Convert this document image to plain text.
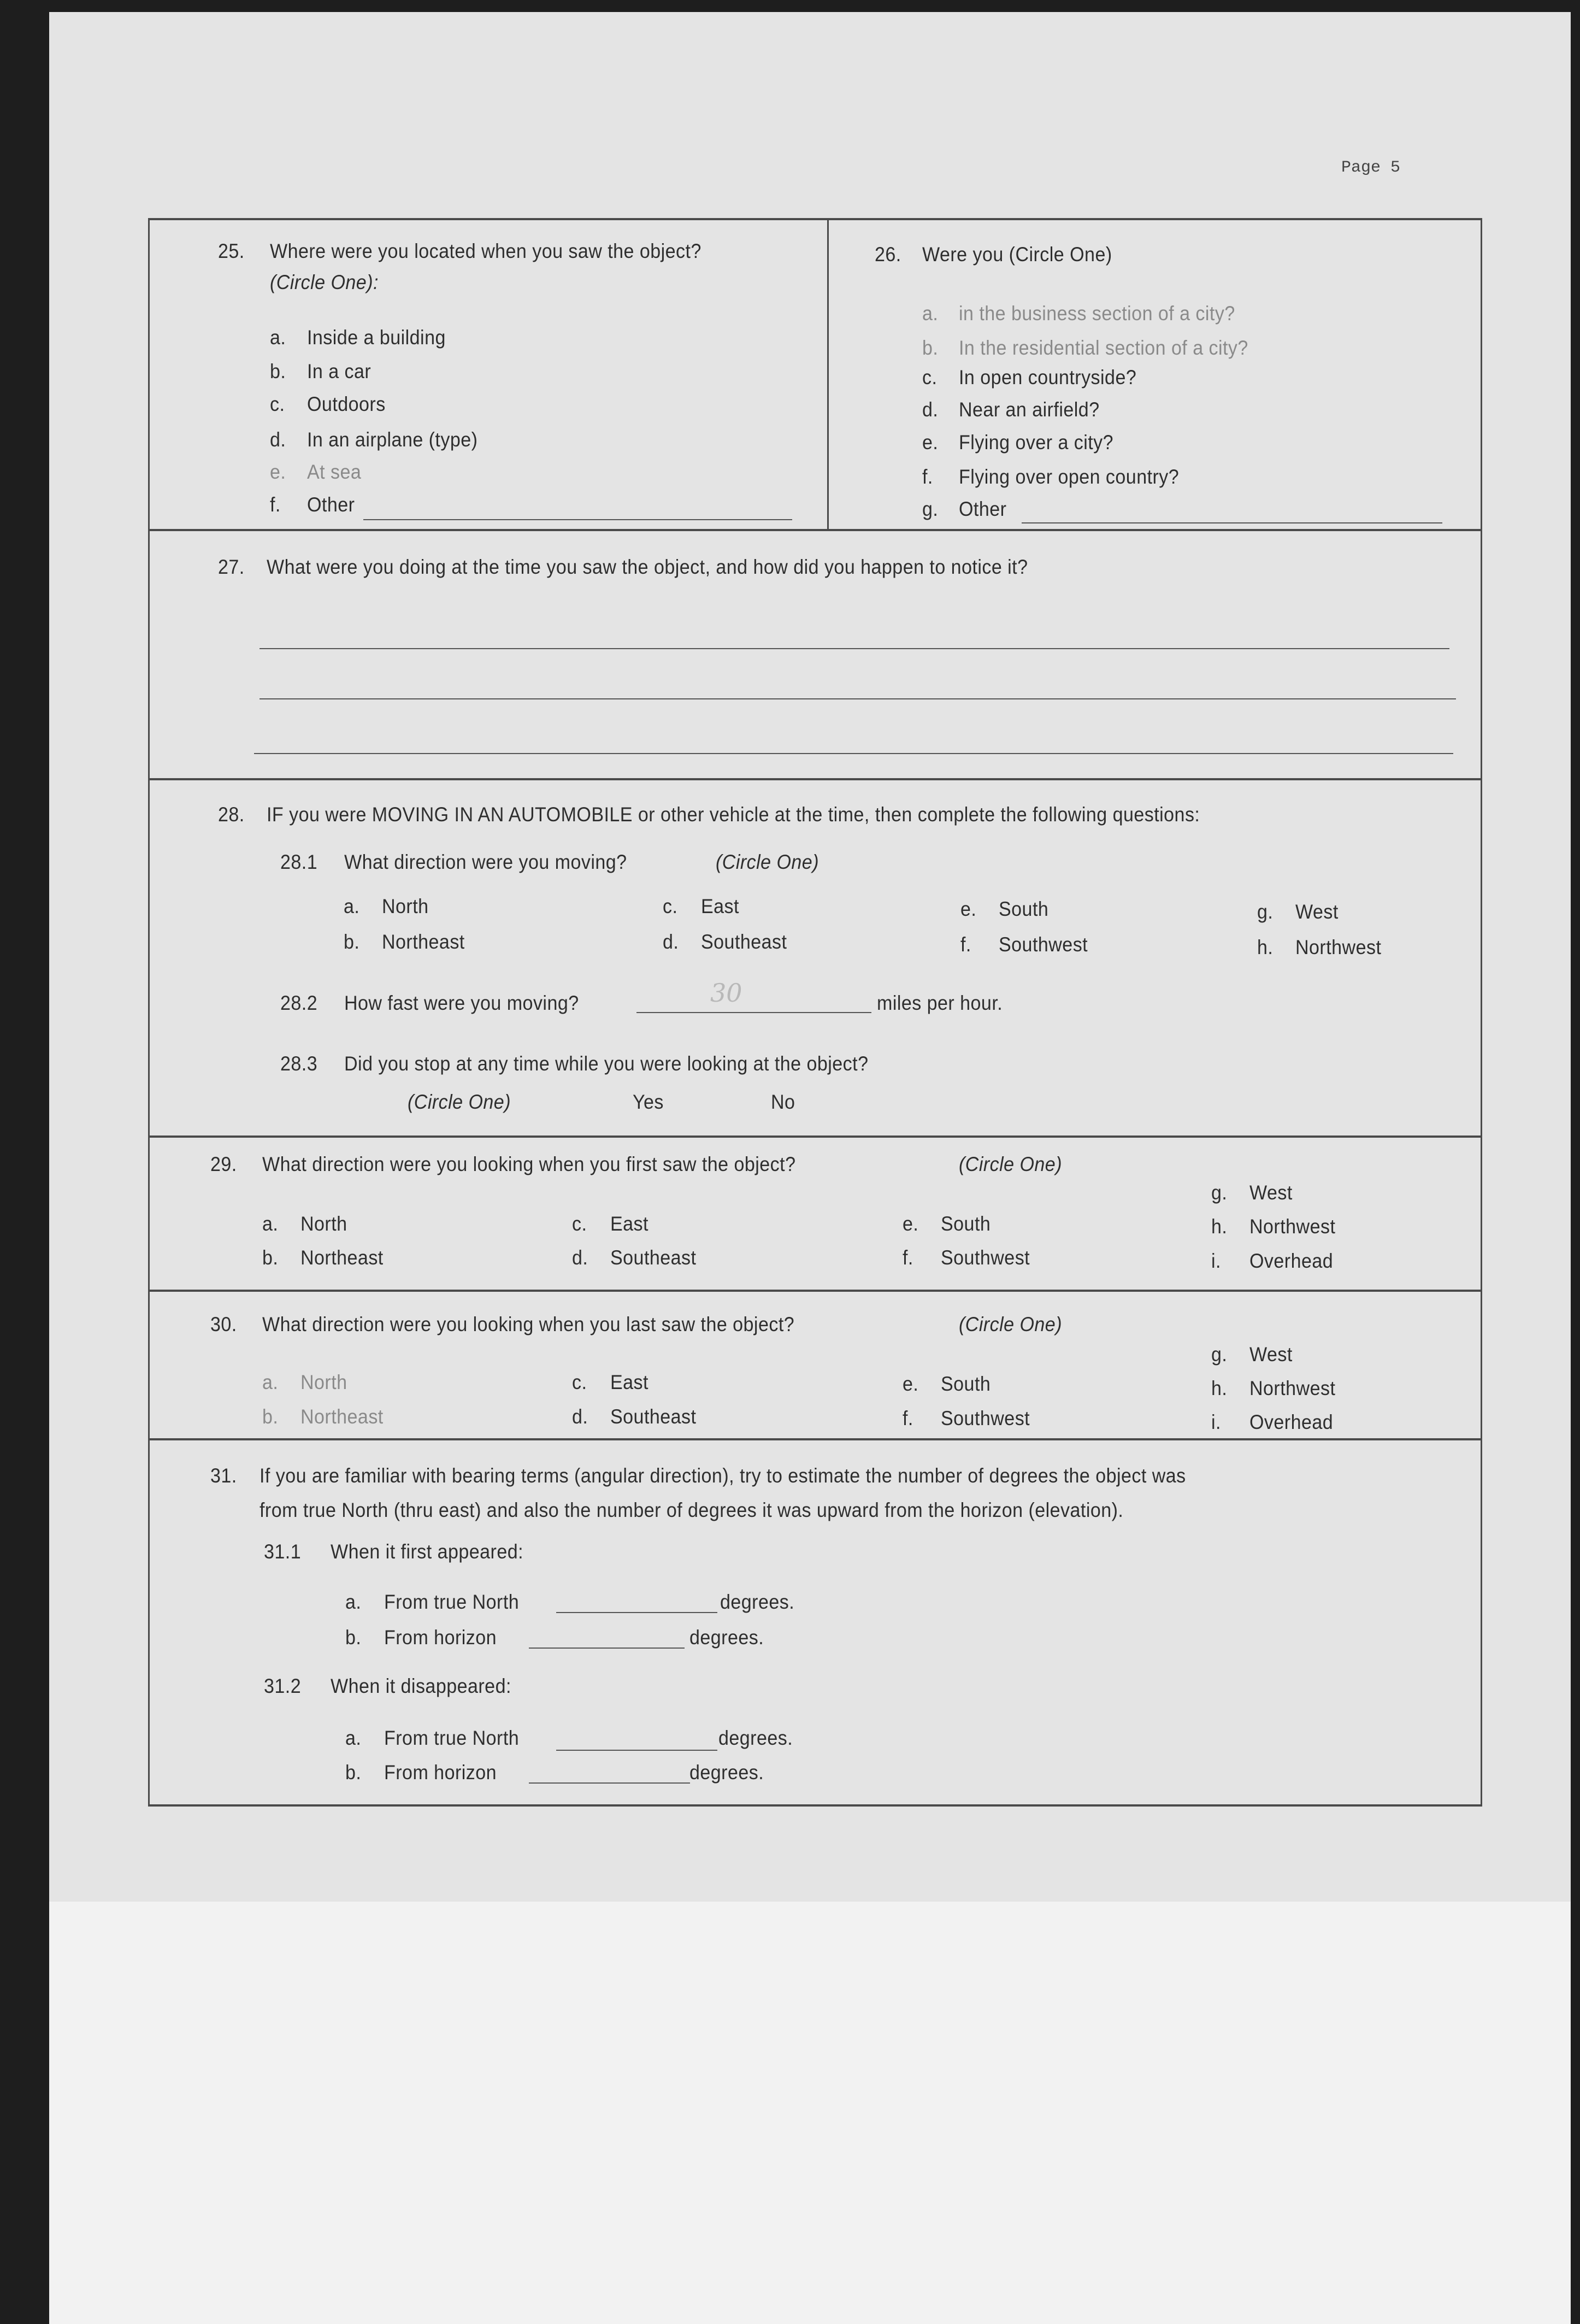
Page 5
25. Where were you located when you saw the object?
(Circle One):
a. Inside a building
b. In a car
c. Outdoors
d. In an airplane (type)
e. At sea
f. Other
26. Were you (Circle One)
a. in the business section of a city?
b. In the residential section of a city?
c. In open countryside?
d. Near an airfield?
e. Flying over a city?
f. Flying over open country?
g. Other
27. What were you doing at the time you saw the object, and how did you happen to notice it?
28. IF you were MOVING IN AN AUTOMOBILE or other vehicle at the time, then complete the following questions:
28.1 What direction were you moving?	(Circle One)
a. North
b. Northeast
c. East
d. Southeast
e. South
f. Southwest
g. West
h. Northwest
28.2 How fast were you moving?	30	miles per hour.
28.3 Did you stop at any time while you were looking at the object?
(Circle One)	Yes	No
29. What direction were you looking when you first saw the object?	(Circle One)
a. North
b. Northeast
c. East
d. Southeast
e. South
f. Southwest
g. West
h. Northwest
i. Overhead
30. What direction were you looking when you last saw the object?	(Circle One)
a. North
b. Northeast
c. East
d. Southeast
e. South
f. Southwest
g. West
h. Northwest
i. Overhead
31. If you are familiar with bearing terms (angular direction), try to estimate the number of degrees the object was
from true North (thru east) and also the number of degrees it was upward from the horizon (elevation).
31.1 When it first appeared:
a. From true North	degrees.
b. From horizon	degrees.
31.2 When it disappeared:
a. From true North	degrees.
b. From horizon	degrees.
